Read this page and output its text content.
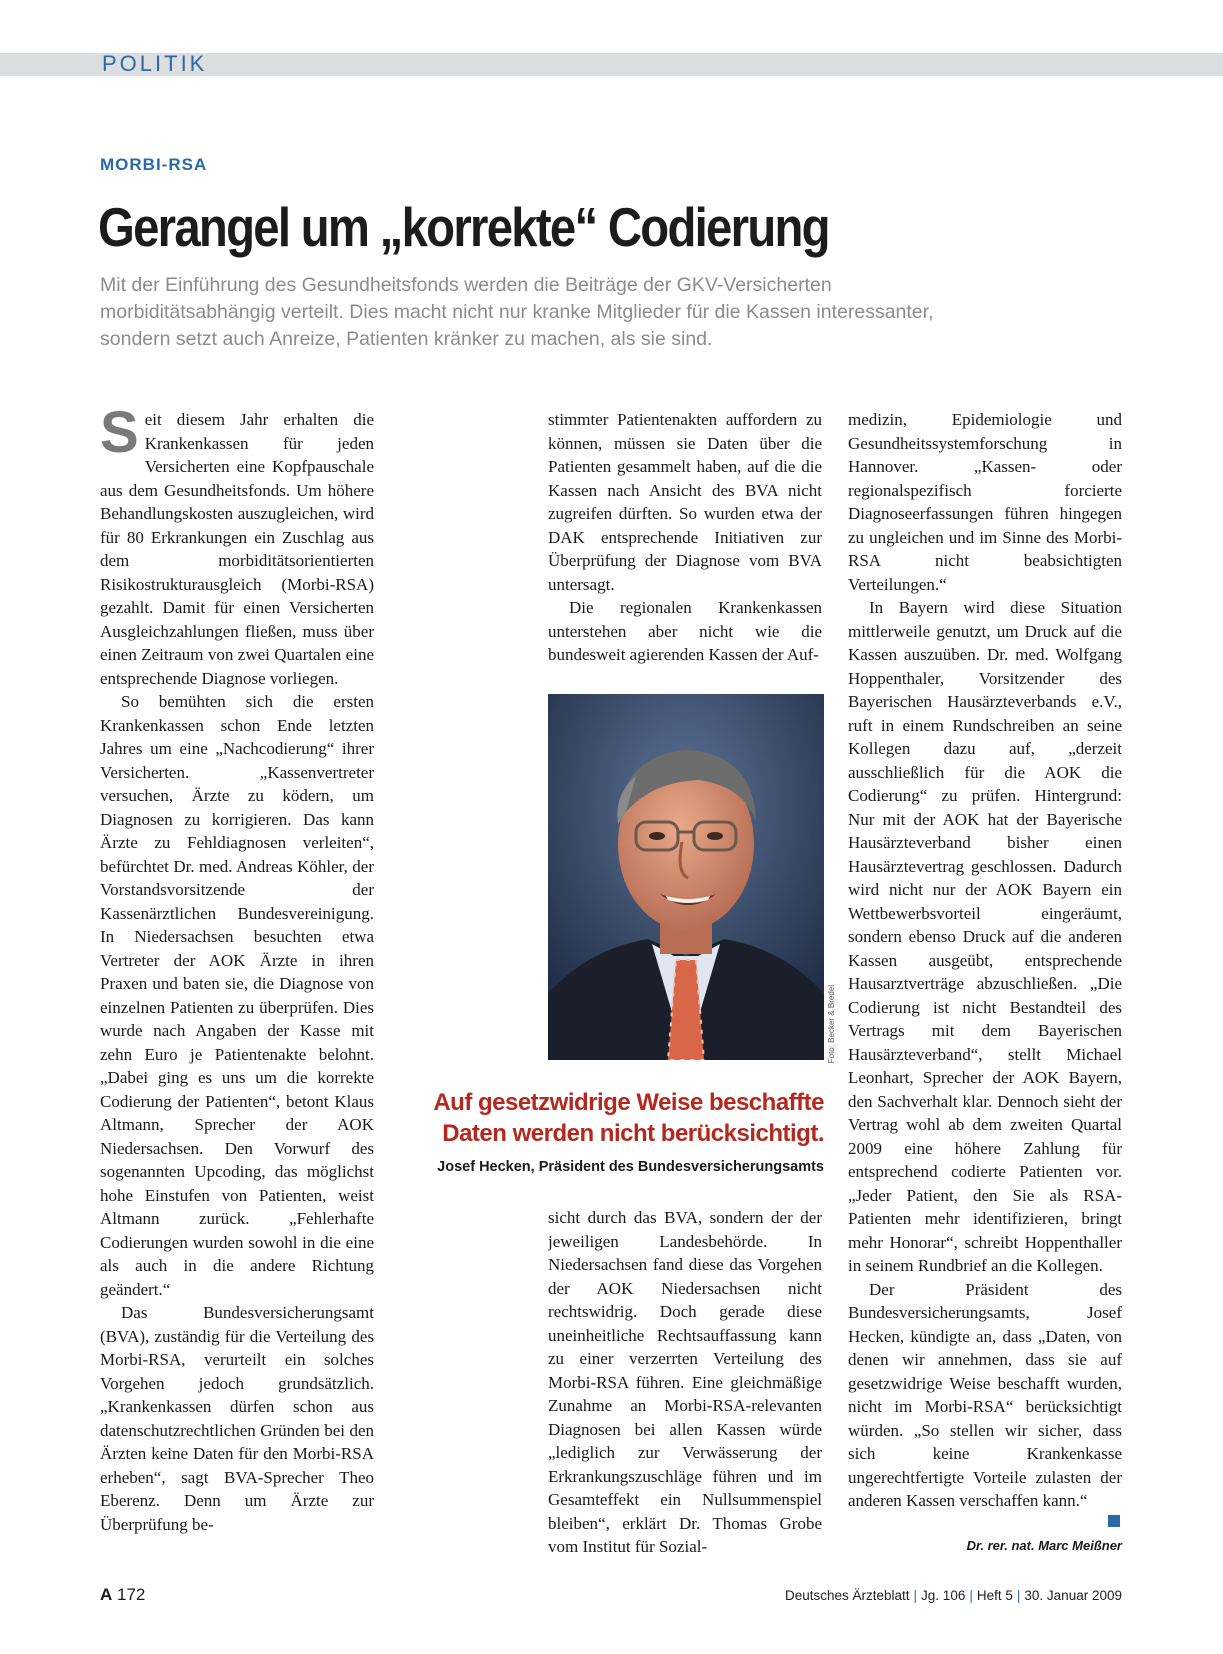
POLITIK
MORBI-RSA
Gerangel um „korrekte“ Codierung

Mit der Einführung des Gesundheitsfonds werden die Beiträge der GKV-Versicherten morbiditätsabhängig verteilt. Dies macht nicht nur kranke Mitglieder für die Kassen interessanter, sondern setzt auch Anreize, Patienten kränker zu machen, als sie sind.

Seit diesem Jahr erhalten die Krankenkassen für jeden Versicherten eine Kopfpauschale aus dem Gesundheitsfonds. Um höhere Behandlungskosten auszugleichen, wird für 80 Erkrankungen ein Zuschlag aus dem morbiditätsorientierten Risikostrukturausgleich (Morbi-RSA) gezahlt. Damit für einen Versicherten Ausgleichzahlungen fließen, muss über einen Zeitraum von zwei Quartalen eine entsprechende Diagnose vorliegen.

So bemühten sich die ersten Krankenkassen schon Ende letzten Jahres um eine „Nachcodierung“ ihrer Versicherten. „Kassenvertreter versuchen, Ärzte zu ködern, um Diagnosen zu korrigieren. Das kann Ärzte zu Fehldiagnosen verleiten“, befürchtet Dr. med. Andreas Köhler, der Vorstandsvorsitzende der Kassenärztlichen Bundesvereinigung. In Niedersachsen besuchten etwa Vertreter der AOK Ärzte in ihren Praxen und baten sie, die Diagnose von einzelnen Patienten zu überprüfen. Dies wurde nach Angaben der Kasse mit zehn Euro je Patientenakte belohnt. „Dabei ging es uns um die korrekte Codierung der Patienten“, betont Klaus Altmann, Sprecher der AOK Niedersachsen. Den Vorwurf des sogenannten Upcoding, das möglichst hohe Einstufen von Patienten, weist Altmann zurück. „Fehlerhafte Codierungen wurden sowohl in die eine als auch in die andere Richtung geändert.“

Das Bundesversicherungsamt (BVA), zuständig für die Verteilung des Morbi-RSA, verurteilt ein solches Vorgehen jedoch grundsätzlich. „Krankenkassen dürfen schon aus datenschutzrechtlichen Gründen bei den Ärzten keine Daten für den Morbi-RSA erheben“, sagt BVA-Sprecher Theo Eberenz. Denn um Ärzte zur Überprüfung be-

stimmter Patientenakten auffordern zu können, müssen sie Daten über die Patienten gesammelt haben, auf die die Kassen nach Ansicht des BVA nicht zugreifen dürften. So wurden etwa der DAK entsprechende Initiativen zur Überprüfung der Diagnose vom BVA untersagt.

Die regionalen Krankenkassen unterstehen aber nicht wie die bundesweit agierenden Kassen der Auf-

Foto: Becker & Bredel

Auf gesetzwidrige Weise beschaffte Daten werden nicht berücksichtigt.

Josef Hecken, Präsident des Bundesversicherungsamts

sicht durch das BVA, sondern der der jeweiligen Landesbehörde. In Niedersachsen fand diese das Vorgehen der AOK Niedersachsen nicht rechtswidrig. Doch gerade diese uneinheitliche Rechtsauffassung kann zu einer verzerrten Verteilung des Morbi-RSA führen. Eine gleichmäßige Zunahme an Morbi-RSA-relevanten Diagnosen bei allen Kassen würde „lediglich zur Verwässerung der Erkrankungszuschläge führen und im Gesamteffekt ein Nullsummenspiel bleiben“, erklärt Dr. Thomas Grobe vom Institut für Sozial-

medizin, Epidemiologie und Gesundheitssystemforschung in Hannover. „Kassen- oder regionalspezifisch forcierte Diagnoseerfassungen führen hingegen zu ungleichen und im Sinne des Morbi-RSA nicht beabsichtigten Verteilungen.“

In Bayern wird diese Situation mittlerweile genutzt, um Druck auf die Kassen auszuüben. Dr. med. Wolfgang Hoppenthaler, Vorsitzender des Bayerischen Hausärzteverbands e.V., ruft in einem Rundschreiben an seine Kollegen dazu auf, „derzeit ausschließlich für die AOK die Codierung“ zu prüfen. Hintergrund: Nur mit der AOK hat der Bayerische Hausärzteverband bisher einen Hausärztevertrag geschlossen. Dadurch wird nicht nur der AOK Bayern ein Wettbewerbsvorteil eingeräumt, sondern ebenso Druck auf die anderen Kassen ausgeübt, entsprechende Hausarztverträge abzuschließen. „Die Codierung ist nicht Bestandteil des Vertrags mit dem Bayerischen Hausärzteverband“, stellt Michael Leonhart, Sprecher der AOK Bayern, den Sachverhalt klar. Dennoch sieht der Vertrag wohl ab dem zweiten Quartal 2009 eine höhere Zahlung für entsprechend codierte Patienten vor. „Jeder Patient, den Sie als RSA-Patienten mehr identifizieren, bringt mehr Honorar“, schreibt Hoppenthaller in seinem Rundbrief an die Kollegen.

Der Präsident des Bundesversicherungsamts, Josef Hecken, kündigte an, dass „Daten, von denen wir annehmen, dass sie auf gesetzwidrige Weise beschafft wurden, nicht im Morbi-RSA“ berücksichtigt würden. „So stellen wir sicher, dass sich keine Krankenkasse ungerechtfertigte Vorteile zulasten der anderen Kassen verschaffen kann.“

Dr. rer. nat. Marc Meißner
A 172	Deutsches Ärzteblatt | Jg. 106 | Heft 5 | 30. Januar 2009
